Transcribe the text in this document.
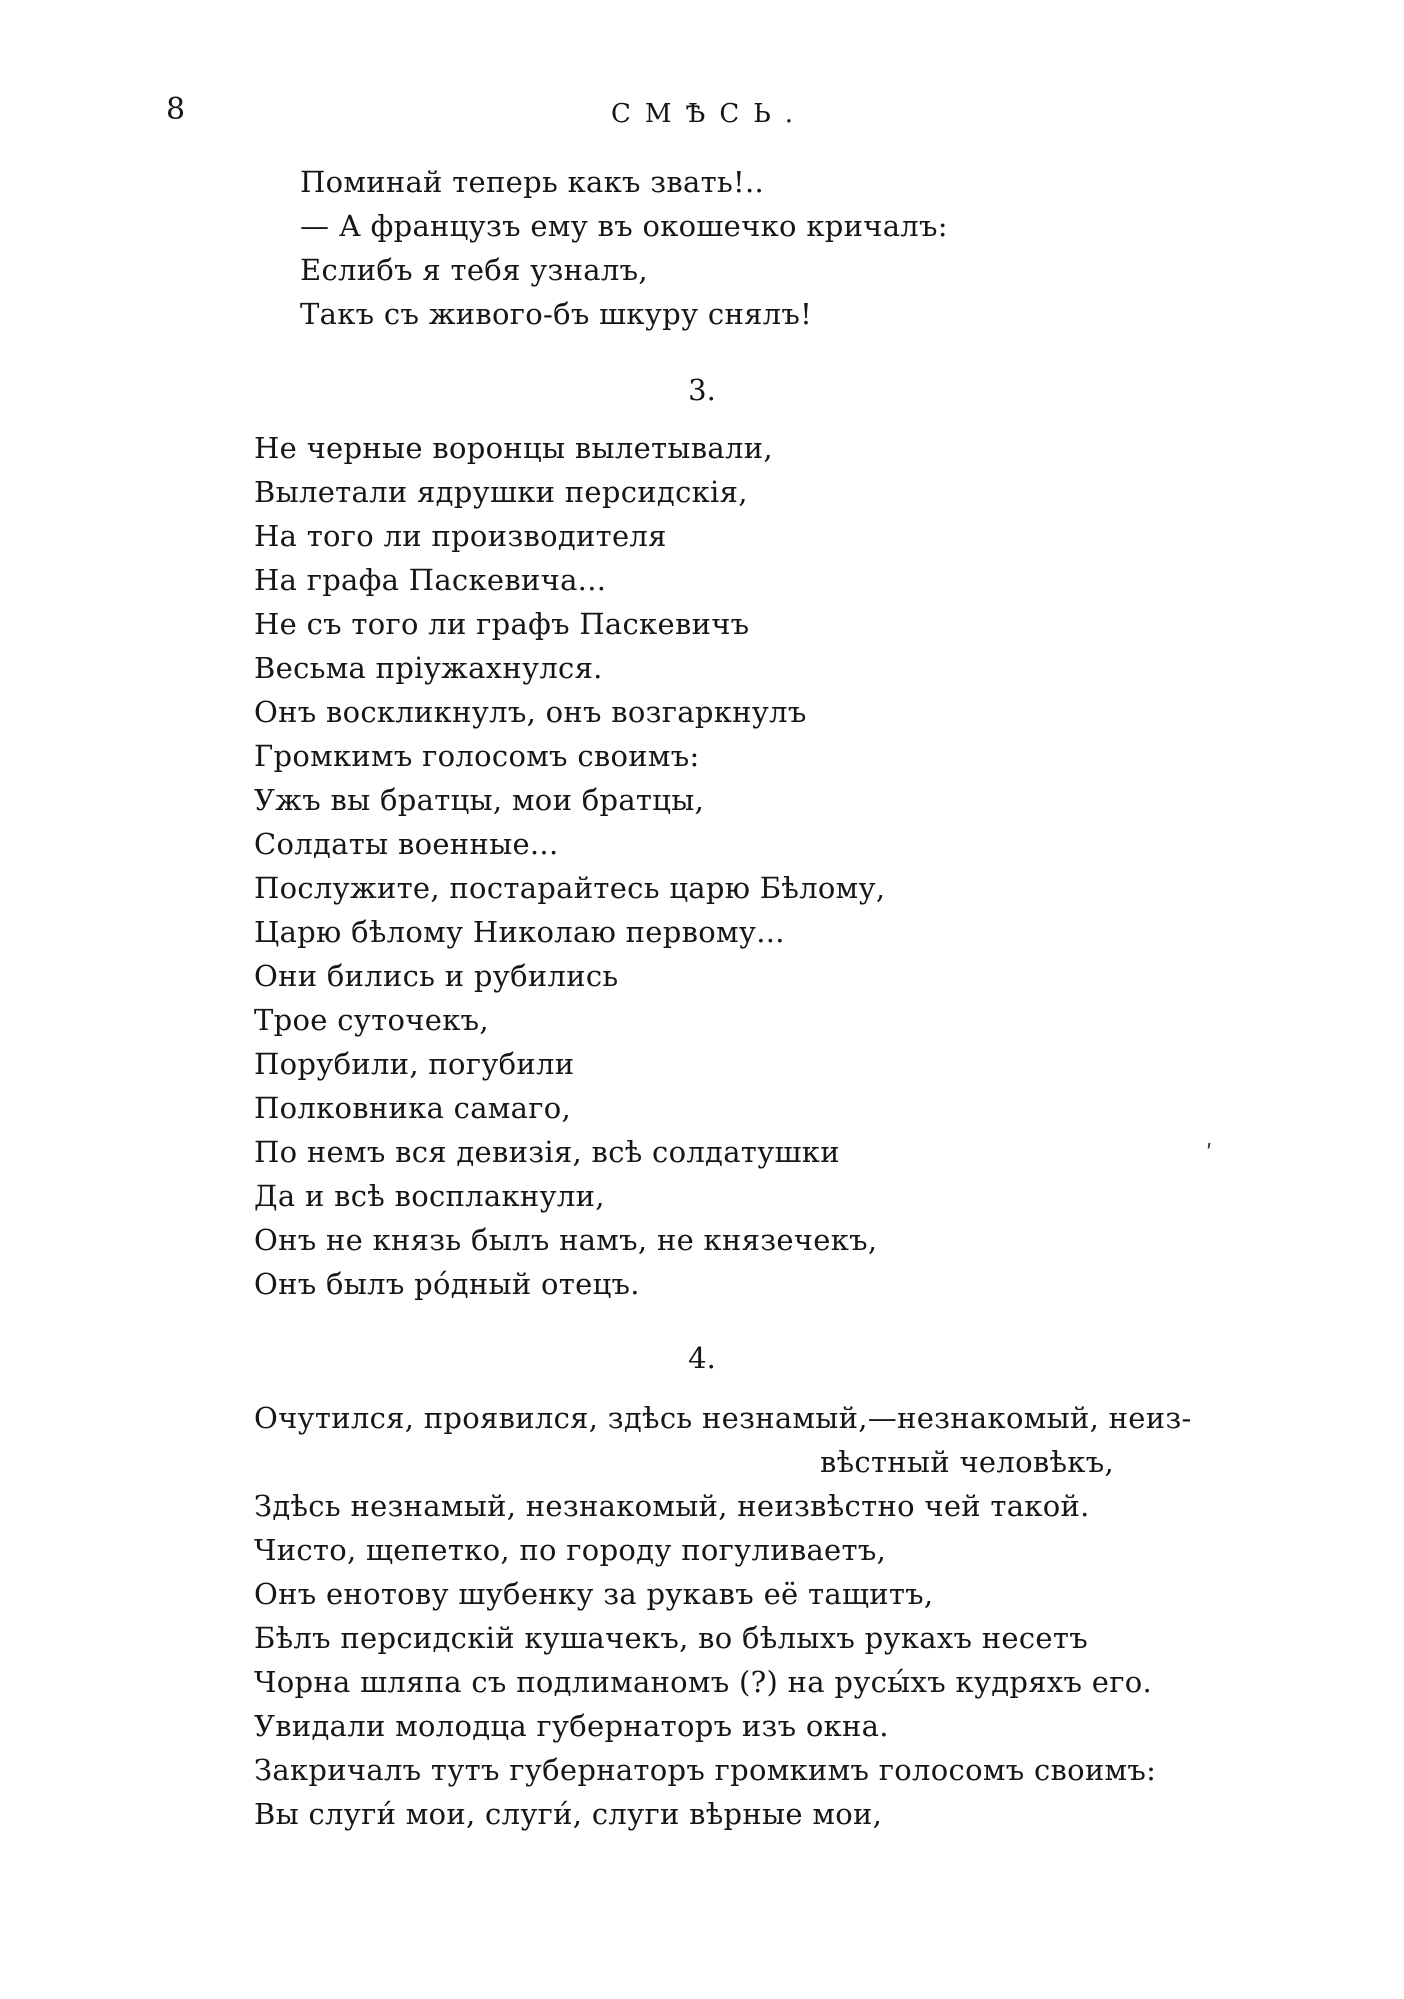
8	СМѢСЬ.
Поминай теперь какъ звать!..
— А французъ ему въ окошечко кричалъ:
Еслибъ я тебя узналъ,
Такъ съ живого-бъ шкуру снялъ!
3.
Не черные воронцы вылетывали,
Вылетали ядрушки персидскія,
На того ли производителя
На графа Паскевича...
Не съ того ли графъ Паскевичъ
Весьма пріужахнулся.
Онъ воскликнулъ, онъ возгаркнулъ
Громкимъ голосомъ своимъ:
Ужъ вы братцы, мои братцы,
Солдаты военные...
Послужите, постарайтесь царю Бѣлому,
Царю бѣлому Николаю первому...
Они бились и рубились
Трое суточекъ,
Порубили, погубили
Полковника самаго,
По немъ вся девизія, всѣ солдатушки
Да и всѣ восплакнули,
Онъ не князь былъ намъ, не князечекъ,
Онъ былъ ро́дный отецъ.
ʹ
4.
Очутился, проявился, здѣсь незнамый,—незнакомый, неиз-
вѣстный человѣкъ,
Здѣсь незнамый, незнакомый, неизвѣстно чей такой.
Чисто, щепетко, по городу погуливаетъ,
Онъ енотову шубенку за рукавъ её тащитъ,
Бѣлъ персидскій кушачекъ, во бѣлыхъ рукахъ несетъ
Чорна шляпа съ подлиманомъ (?) на русы́хъ кудряхъ его.
Увидали молодца губернаторъ изъ окна.
Закричалъ тутъ губернаторъ громкимъ голосомъ своимъ:
Вы слуги́ мои, слуги́, слуги вѣрные мои,
